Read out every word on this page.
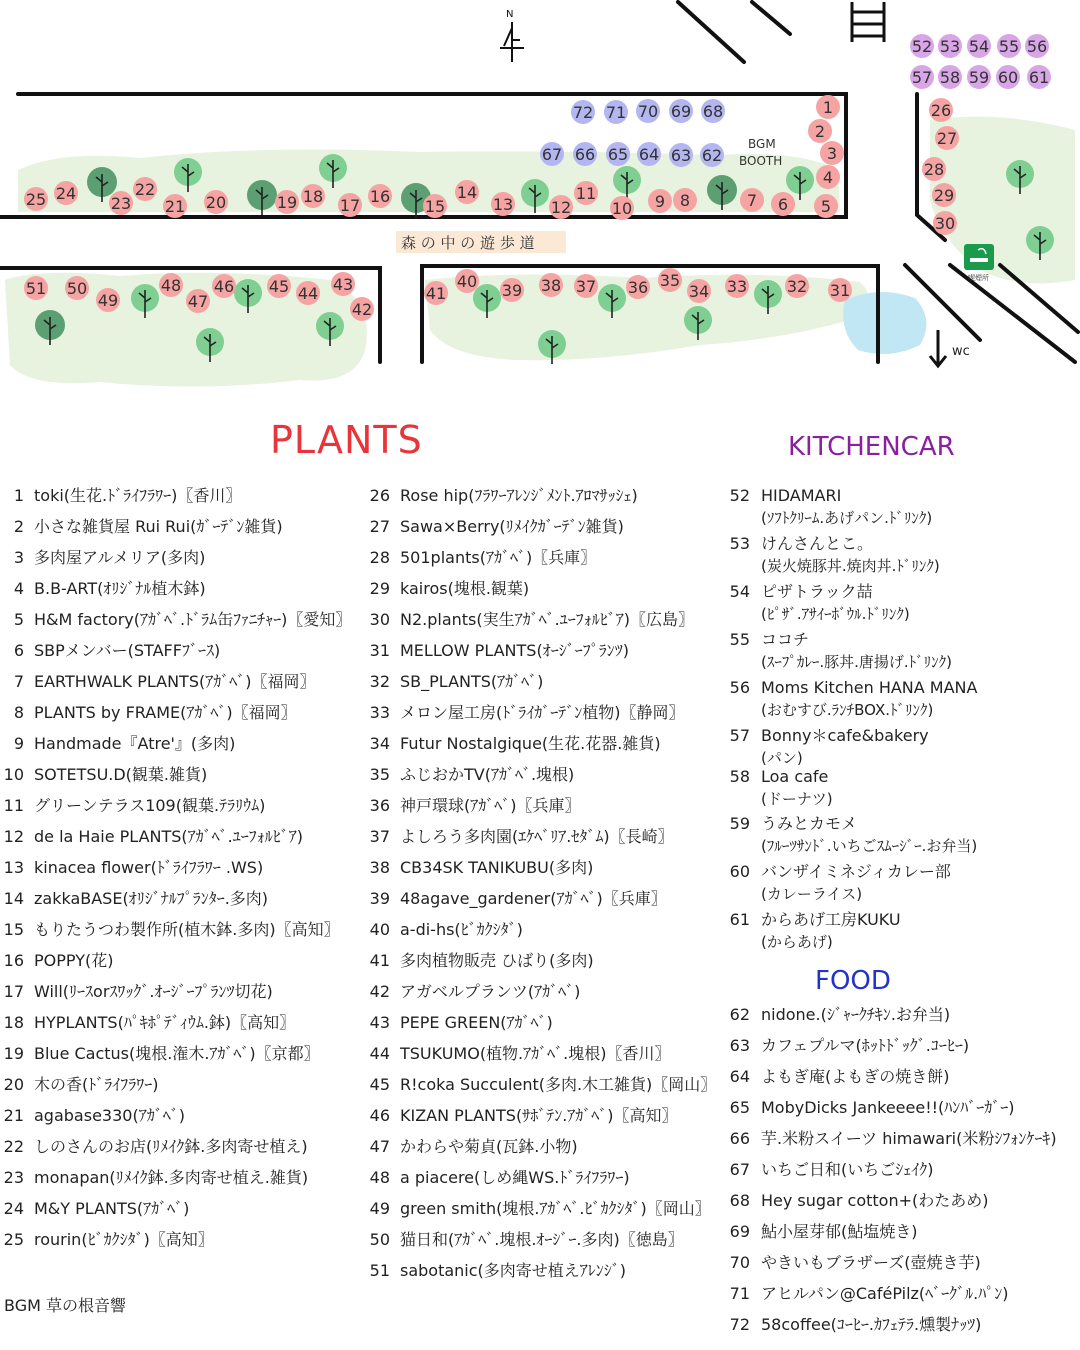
N
1
2
3
4
5
6
7
8
9
10
11
12
13
14
15
16
17
18
19
20
21
22
23
24
25
26
27
28
29
30
31
32
33
34
35
36
37
38
39
40
41
42
43
44
45
46
47
48
49
50
51
52 53 54 55 56
57 58 59 60 61
62
63
64
65
66
67
68
69
70
71
72
森 の 中 の 遊 歩 道
BGM
BOOTH
喫煙所
wc
PLANTS	KITCHENCAR
FOOD
1 toki(生花.ﾄﾞﾗｲﾌﾗﾜｰ)〖香川〗
2 小さな雑貨屋 Rui Rui(ｶﾞｰﾃﾞﾝ雑貨)
3 多肉屋アルメリア(多肉)
4 B.B-ART(ｵﾘｼﾞﾅﾙ植木鉢)
5 H&M factory(ｱｶﾞﾍﾞ.ﾄﾞﾗﾑ缶ﾌｧﾆﾁｬｰ)〖愛知〗
6 SBPメンバー(STAFFﾌﾞｰｽ)
7 EARTHWALK PLANTS(ｱｶﾞﾍﾞ)〖福岡〗
8 PLANTS by FRAME(ｱｶﾞﾍﾞ)〖福岡〗
9 Handmade『Atre'』(多肉)
10 SOTETSU.D(観葉.雑貨)
11 グリーンテラス109(観葉.ﾃﾗﾘｳﾑ)
12 de la Haie PLANTS(ｱｶﾞﾍﾞ.ﾕｰﾌｫﾙﾋﾞｱ)
13 kinacea flower(ﾄﾞﾗｲﾌﾗﾜｰ .WS)
14 zakkaBASE(ｵﾘｼﾞﾅﾙﾌﾟﾗﾝﾀｰ.多肉)
15 もりたうつわ製作所(植木鉢.多肉)〖高知〗
16 POPPY(花)
17 Will(ﾘｰｽorｽﾜｯｸﾞ.ｵｰｼﾞｰﾌﾟﾗﾝﾂ切花)
18 HYPLANTS(ﾊﾟｷﾎﾟﾃﾞｨｳﾑ.鉢)〖高知〗
19 Blue Cactus(塊根.潅木.ｱｶﾞﾍﾞ)〖京都〗
20 木の香(ﾄﾞﾗｲﾌﾗﾜｰ)
21 agabase330(ｱｶﾞﾍﾞ)
22 しのさんのお店(ﾘﾒｲｸ鉢.多肉寄せ植え)
23 monapan(ﾘﾒｲｸ鉢.多肉寄せ植え.雑貨)
24 M&Y PLANTS(ｱｶﾞﾍﾞ)
25 rourin(ﾋﾞｶｸｼﾀﾞ)〖高知〗
26 Rose hip(ﾌﾗﾜｰｱﾚﾝｼﾞﾒﾝﾄ.ｱﾛﾏｻｯｼｪ)
27 Sawa×Berry(ﾘﾒｲｸｶﾞｰﾃﾞﾝ雑貨)
28 501plants(ｱｶﾞﾍﾞ)〖兵庫〗
29 kairos(塊根.観葉)
30 N2.plants(実生ｱｶﾞﾍﾞ.ﾕｰﾌｫﾙﾋﾞｱ)〖広島〗
31 MELLOW PLANTS(ｵｰｼﾞｰﾌﾟﾗﾝﾂ)
32 SB_PLANTS(ｱｶﾞﾍﾞ)
33 メロン屋工房(ﾄﾞﾗｲｶﾞｰﾃﾞﾝ植物)〖静岡〗
34 Futur Nostalgique(生花.花器.雑貨)
35 ふじおかTV(ｱｶﾞﾍﾞ.塊根)
36 神戸環球(ｱｶﾞﾍﾞ)〖兵庫〗
37 よしろう多肉園(ｴｹﾍﾞﾘｱ.ｾﾀﾞﾑ)〖長崎〗
38 CB34SK TANIKUBU(多肉)
39 48agave_gardener(ｱｶﾞﾍﾞ)〖兵庫〗
40 a-di-hs(ﾋﾞｶｸｼﾀﾞ)
41 多肉植物販売 ひばり(多肉)
42 アガベルプランツ(ｱｶﾞﾍﾞ)
43 PEPE GREEN(ｱｶﾞﾍﾞ)
44 TSUKUMO(植物.ｱｶﾞﾍﾞ.塊根)〖香川〗
45 R!coka Succulent(多肉.木工雑貨)〖岡山〗
46 KIZAN PLANTS(ｻﾎﾞﾃﾝ.ｱｶﾞﾍﾞ)〖高知〗
47 かわらや菊貞(瓦鉢.小物)
48 a piacere(しめ縄WS.ﾄﾞﾗｲﾌﾗﾜｰ)
49 green smith(塊根.ｱｶﾞﾍﾞ.ﾋﾞｶｸｼﾀﾞ)〖岡山〗
50 猫日和(ｱｶﾞﾍﾞ.塊根.ｵｰｼﾞｰ.多肉)〖徳島〗
51 sabotanic(多肉寄せ植えｱﾚﾝｼﾞ)
52 HIDAMARI
(ｿﾌﾄｸﾘｰﾑ.あげパン.ﾄﾞﾘﾝｸ)
53 けんさんとこ。
(炭火焼豚丼.焼肉丼.ﾄﾞﾘﾝｸ)
54 ピザトラック喆
(ﾋﾟｻﾞ.ｱｻｲｰﾎﾞｳﾙ.ﾄﾞﾘﾝｸ)
55 ココチ
(ｽｰﾌﾟｶﾚｰ.豚丼.唐揚げ.ﾄﾞﾘﾝｸ)
56 Moms Kitchen HANA MANA
(おむすび.ﾗﾝﾁBOX.ﾄﾞﾘﾝｸ)
57 Bonny＊cafe&bakery
(パン)
58 Loa cafe
(ドーナツ)
59 うみとカモメ
(ﾌﾙｰﾂｻﾝﾄﾞ.いちごｽﾑｰｼﾞｰ.お弁当)
60 バンザイミネジィカレー部
(カレーライス)
61 からあげ工房KUKU
(からあげ)
62 nidone.(ｼﾞｬｰｸﾁｷﾝ.お弁当)
63 カフェプルマ(ﾎｯﾄﾄﾞｯｸﾞ.ｺｰﾋｰ)
64 よもぎ庵(よもぎの焼き餅)
65 MobyDicks Jankeeee!!(ﾊﾝﾊﾞｰｶﾞｰ)
66 芋.米粉スイーツ himawari(米粉ｼﾌｫﾝｹｰｷ)
67 いちご日和(いちごｼｪｲｸ)
68 Hey sugar cotton+(わたあめ)
69 鮎小屋芽郁(鮎塩焼き)
70 やきいもブラザーズ(壺焼き芋)
71 アヒルパン@CaféPilz(ﾍﾞｰｸﾞﾙ.ﾊﾟﾝ)
72 58coffee(ｺｰﾋｰ.ｶﾌｪﾃﾗ.燻製ﾅｯﾂ)
BGM 草の根音響
